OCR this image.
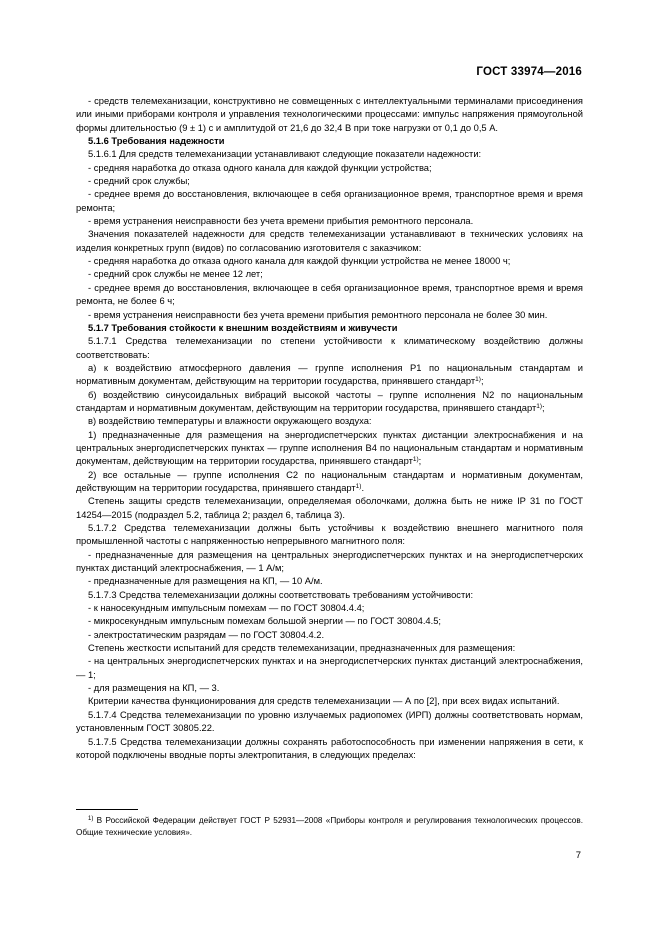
ГОСТ 33974—2016

- средств телемеханизации, конструктивно не совмещенных с интеллектуальными терминалами присоединения или иными приборами контроля и управления технологическими процессами: импульс напряжения прямоугольной формы длительностью (9 ± 1) с и амплитудой от 21,6 до 32,4 В при токе нагрузки от 0,1 до 0,5 А.

5.1.6 Требования надежности

5.1.6.1 Для средств телемеханизации устанавливают следующие показатели надежности:

- средняя наработка до отказа одного канала для каждой функции устройства;

- средний срок службы;

- среднее время до восстановления, включающее в себя организационное время, транспортное время и время ремонта;

- время устранения неисправности без учета времени прибытия ремонтного персонала.

Значения показателей надежности для средств телемеханизации устанавливают в технических условиях на изделия конкретных групп (видов) по согласованию изготовителя с заказчиком:

- средняя наработка до отказа одного канала для каждой функции устройства не менее 18000 ч;

- средний срок службы не менее 12 лет;

- среднее время до восстановления, включающее в себя организационное время, транспортное время и время ремонта, не более 6 ч;

- время устранения неисправности без учета времени прибытия ремонтного персонала не более 30 мин.

5.1.7 Требования стойкости к внешним воздействиям и живучести

5.1.7.1 Средства телемеханизации по степени устойчивости к климатическому воздействию должны соответствовать:

а) к воздействию атмосферного давления — группе исполнения Р1 по национальным стандартам и нормативным документам, действующим на территории государства, принявшего стандарт$^{1)}$;

б) воздействию синусоидальных вибраций высокой частоты – группе исполнения N2 по национальным стандартам и нормативным документам, действующим на территории государства, принявшего стандарт$^{1)}$;

в) воздействию температуры и влажности окружающего воздуха:

1) предназначенные для размещения на энергодиспетчерских пунктах дистанции электроснабжения и на центральных энергодиспетчерских пунктах — группе исполнения В4 по национальным стандартам и нормативным документам, действующим на территории государства, принявшего стандарт$^{1)}$;

2) все остальные — группе исполнения С2 по национальным стандартам и нормативным документам, действующим на территории государства, принявшего стандарт$^{1)}$.

Степень защиты средств телемеханизации, определяемая оболочками, должна быть не ниже IP 31 по ГОСТ 14254—2015 (подраздел 5.2, таблица 2; раздел 6, таблица 3).

5.1.7.2 Средства телемеханизации должны быть устойчивы к воздействию внешнего магнитного поля промышленной частоты с напряженностью непрерывного магнитного поля:

- предназначенные для размещения на центральных энергодиспетчерских пунктах и на энергодиспетчерских пунктах дистанций электроснабжения, — 1 А/м;

- предназначенные для размещения на КП, — 10 А/м.

5.1.7.3 Средства телемеханизации должны соответствовать требованиям устойчивости:

- к наносекундным импульсным помехам — по ГОСТ 30804.4.4;

- микросекундным импульсным помехам большой энергии — по ГОСТ 30804.4.5;

- электростатическим разрядам — по ГОСТ 30804.4.2.

Степень жесткости испытаний для средств телемеханизации, предназначенных для размещения:

- на центральных энергодиспетчерских пунктах и на энергодиспетчерских пунктах дистанций электроснабжения, — 1;

- для размещения на КП, — 3.

Критерии качества функционирования для средств телемеханизации — А по [2], при всех видах испытаний.

5.1.7.4 Средства телемеханизации по уровню излучаемых радиопомех (ИРП) должны соответствовать нормам, установленным ГОСТ 30805.22.

5.1.7.5 Средства телемеханизации должны сохранять работоспособность при изменении напряжения в сети, к которой подключены вводные порты электропитания, в следующих пределах:

$^{1)}$ В Российской Федерации действует ГОСТ Р 52931—2008 «Приборы контроля и регулирования технологических процессов. Общие технические условия».

7
